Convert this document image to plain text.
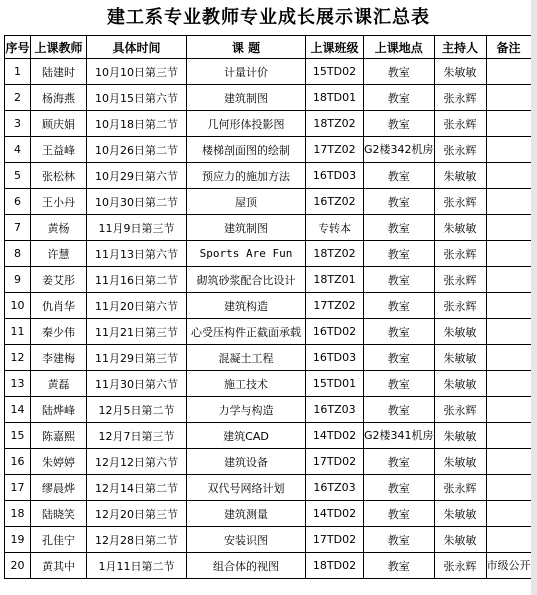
建工系专业教师专业成长展示课汇总表
序号	上课教师	具体时间	课 题	上课班级	上课地点	主持人	备注
1	陆建时	10月10日第三节	计量计价	15TD02	教室	朱敏敏	
2	杨海燕	10月15日第六节	建筑制图	18TD01	教室	张永辉	
3	顾庆娟	10月18日第二节	几何形体投影图	18TZ02	教室	张永辉	
4	王益峰	10月26日第二节	楼梯剖面图的绘制	17TZ02	G2楼342机房	张永辉	
5	张松林	10月29日第六节	预应力的施加方法	16TD03	教室	朱敏敏	
6	王小丹	10月30日第二节	屋顶	16TZ02	教室	张永辉	
7	黄杨	11月9日第三节	建筑制图	专转本	教室	朱敏敏	
8	许慧	11月13日第六节	Sports Are Fun	18TZ02	教室	张永辉	
9	姜艾彤	11月16日第二节	砌筑砂浆配合比设计	18TZ01	教室	张永辉	
10	仇肖华	11月20日第六节	建筑构造	17TZ02	教室	张永辉	
11	秦少伟	11月21日第三节	心受压构件正截面承载	16TD02	教室	朱敏敏	
12	李建梅	11月29日第三节	混凝土工程	16TD03	教室	朱敏敏	
13	黄磊	11月30日第六节	施工技术	15TD01	教室	朱敏敏	
14	陆烨峰	12月5日第二节	力学与构造	16TZ03	教室	张永辉	
15	陈嘉熙	12月7日第三节	建筑CAD	14TD02	G2楼341机房	朱敏敏	
16	朱婷婷	12月12日第六节	建筑设备	17TD02	教室	朱敏敏	
17	缪晨烨	12月14日第二节	双代号网络计划	16TZ03	教室	张永辉	
18	陆晓笑	12月20日第三节	建筑测量	14TD02	教室	朱敏敏	
19	孔佳宁	12月28日第二节	安装识图	17TD02	教室	朱敏敏	
20	黄其中	1月11日第二节	组合体的视图	18TD02	教室	张永辉	市级公开
